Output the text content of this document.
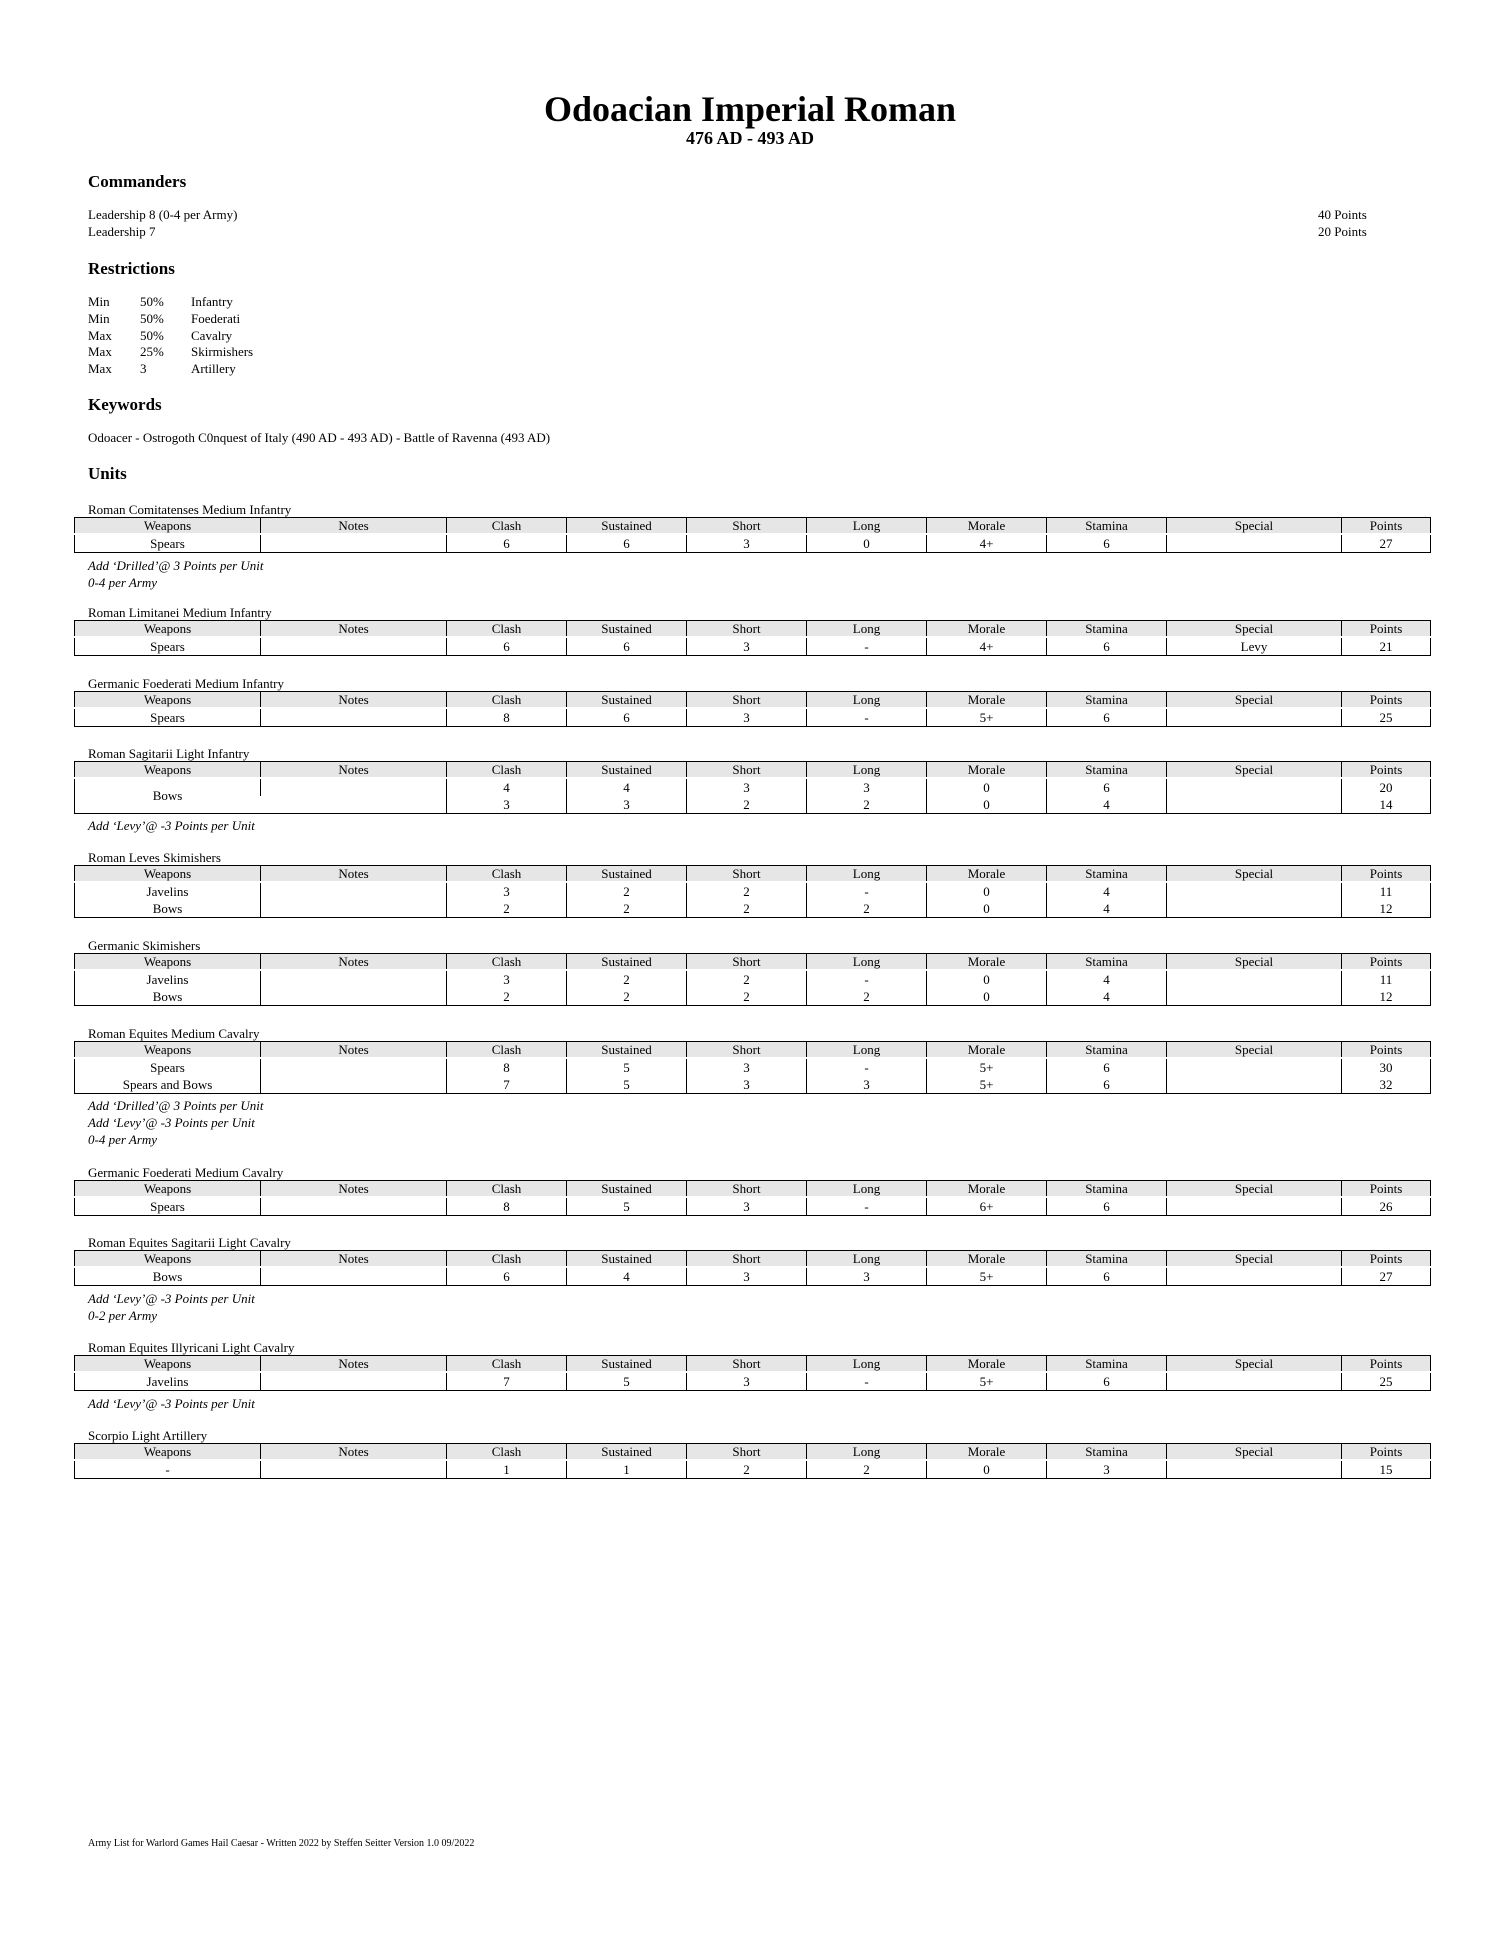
Odoacian Imperial Roman
476 AD - 493 AD
Commanders
Leadership 8 (0-4 per Army)	40 Points
Leadership 7	20 Points
Restrictions
Min 50% Infantry
Min 50% Foederati
Max 50% Cavalry
Max 25% Skirmishers
Max 3	Artillery
Keywords
Odoacer - Ostrogoth C0nquest of Italy (490 AD - 493 AD) - Battle of Ravenna (493 AD)
Units
Roman Comitatenses Medium Infantry
Weapons	Notes	Clash	Sustained	Short	Long	Morale	Stamina	Special	Points
Spears		6	6	3	0	4+	6		27
Add ‘Drilled’@ 3 Points per Unit
0-4 per Army
Roman Limitanei Medium Infantry
Weapons	Notes	Clash	Sustained	Short	Long	Morale	Stamina	Special	Points
Spears		6	6	3	-	4+	6	Levy	21
Germanic Foederati Medium Infantry
Weapons	Notes	Clash	Sustained	Short	Long	Morale	Stamina	Special	Points
Spears		8	6	3	-	5+	6		25
Roman Sagitarii Light Infantry
Weapons	Notes	Clash	Sustained	Short	Long	Morale	Stamina	Special	Points
Bows		4	4	3	3	0	6		20
		3	3	2	2	0	4		14
Add ‘Levy’@ -3 Points per Unit
Roman Leves Skimishers
Weapons	Notes	Clash	Sustained	Short	Long	Morale	Stamina	Special	Points
Javelins		3	2	2	-	0	4		11
Bows		2	2	2	2	0	4		12
Germanic Skimishers
Weapons	Notes	Clash	Sustained	Short	Long	Morale	Stamina	Special	Points
Javelins		3	2	2	-	0	4		11
Bows		2	2	2	2	0	4		12
Roman Equites Medium Cavalry
Weapons	Notes	Clash	Sustained	Short	Long	Morale	Stamina	Special	Points
Spears		8	5	3	-	5+	6		30
Spears and Bows		7	5	3	3	5+	6		32
Add ‘Drilled’@ 3 Points per Unit
Add ‘Levy’@ -3 Points per Unit
0-4 per Army
Germanic Foederati Medium Cavalry
Weapons	Notes	Clash	Sustained	Short	Long	Morale	Stamina	Special	Points
Spears		8	5	3	-	6+	6		26
Roman Equites Sagitarii Light Cavalry
Weapons	Notes	Clash	Sustained	Short	Long	Morale	Stamina	Special	Points
Bows		6	4	3	3	5+	6		27
Add ‘Levy’@ -3 Points per Unit
0-2 per Army
Roman Equites Illyricani Light Cavalry
Weapons	Notes	Clash	Sustained	Short	Long	Morale	Stamina	Special	Points
Javelins		7	5	3	-	5+	6		25
Add ‘Levy’@ -3 Points per Unit
Scorpio Light Artillery
Weapons	Notes	Clash	Sustained	Short	Long	Morale	Stamina	Special	Points
-		1	1	2	2	0	3		15
Army List for Warlord Games Hail Caesar - Written 2022 by Steffen Seitter Version 1.0 09/2022
